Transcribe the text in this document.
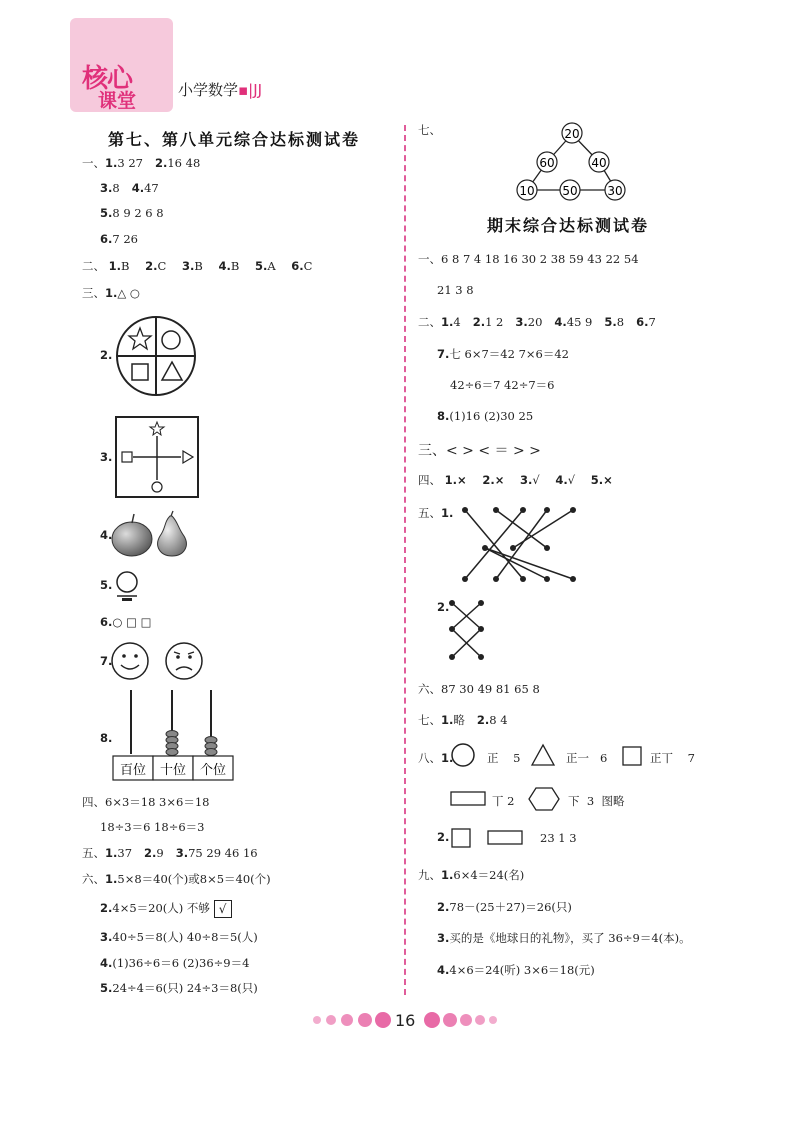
核心
课堂	小学数学▪|JJ
第七、第八单元综合达标测试卷
一、1.3 27 2.16 48
3.8 4.47
5.8 9 2 6 8
6.7 26
二、 1.B 2.C 3.B 4.B 5.A 6.C
三、1.△ ○
2.
3.
4.
5.
6.○ □ □
7.
8.
百位 十位 个位
四、6×3＝18 3×6＝18
18÷3＝6 18÷6＝3
五、1.37 2.9 3.75 29 46 16
六、1.5×8＝40(个)或8×5＝40(个)
2.4×5＝20(人) 不够 √
3.40÷5＝8(人) 40÷8＝5(人)
4.(1)36÷6＝6 (2)36÷9＝4
5.24÷4＝6(只) 24÷3＝8(只)
七、	20
60	40
10 50 30
期末综合达标测试卷
一、6 8 7 4 18 16 30 2 38 59 43 22 54
21 3 8
二、1.4 2.1 2 3.20 4.45 9 5.8 6.7
7.七 6×7＝42 7×6＝42
42÷6＝7 42÷7＝6
8.(1)16 (2)30 25
三、< > < ＝ > >
四、 1.× 2.× 3.√ 4.√ 5.×
五、1.
2.
六、87 30 49 81 65 8
七、1.略 2.8 4
八、1.	正 5	正一 6	正丅 7
丅 2	下 3 图略
2.	23 1 3
九、1.6×4＝24(名)
2.78－(25＋27)＝26(只)
3.买的是《地球日的礼物》，买了 36÷9＝4(本)。
4.4×6＝24(听) 3×6＝18(元)
16
